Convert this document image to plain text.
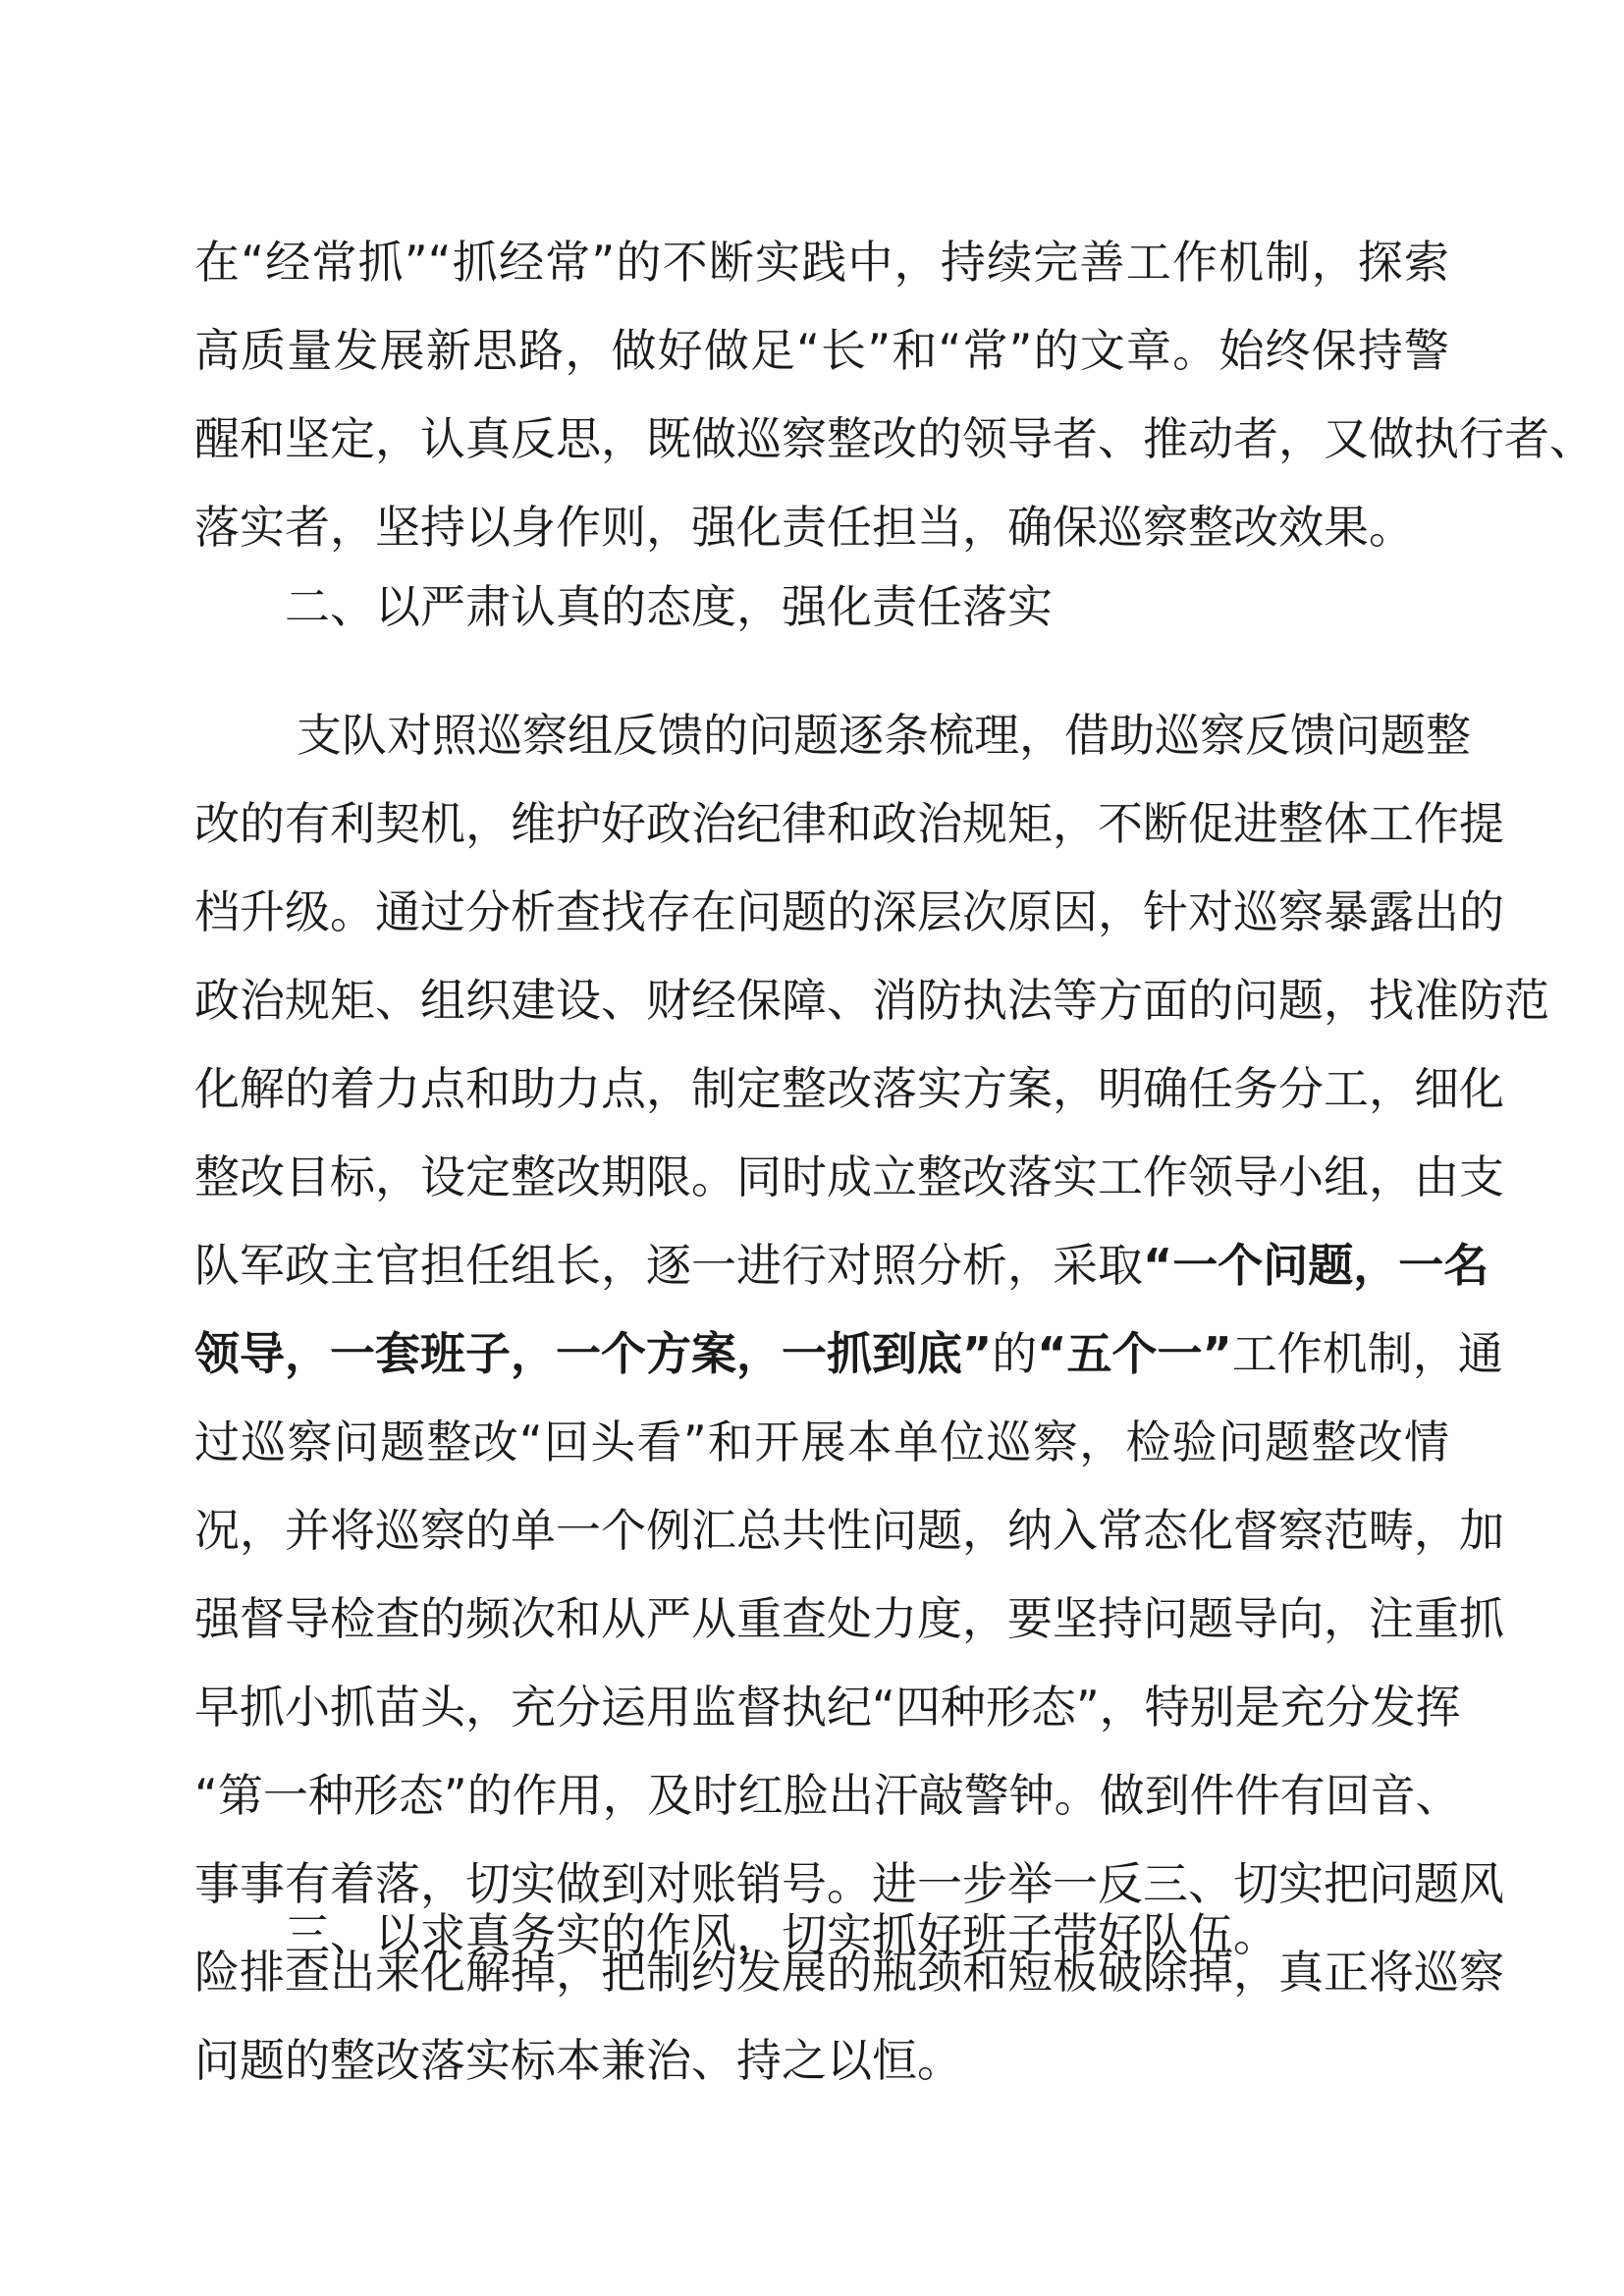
在“经常抓”“抓经常”的不断实践中，持续完善工作机制，探索
高质量发展新思路，做好做足“长”和“常”的文章。始终保持警
醒和坚定，认真反思，既做巡察整改的领导者、推动者，又做执行者、
落实者，坚持以身作则，强化责任担当，确保巡察整改效果。
二、以严肃认真的态度，强化责任落实
支队对照巡察组反馈的问题逐条梳理，借助巡察反馈问题整
改的有利契机，维护好政治纪律和政治规矩，不断促进整体工作提
档升级。通过分析查找存在问题的深层次原因，针对巡察暴露出的
政治规矩、组织建设、财经保障、消防执法等方面的问题，找准防范
化解的着力点和助力点，制定整改落实方案，明确任务分工，细化
整改目标，设定整改期限。同时成立整改落实工作领导小组，由支
队军政主官担任组长，逐一进行对照分析，采取“一个问题，一名
领导，一套班子，一个方案，一抓到底”的“五个一”工作机制，通
过巡察问题整改“回头看”和开展本单位巡察，检验问题整改情
况，并将巡察的单一个例汇总共性问题，纳入常态化督察范畴，加
强督导检查的频次和从严从重查处力度，要坚持问题导向，注重抓
早抓小抓苗头，充分运用监督执纪“四种形态”，特别是充分发挥
“第一种形态”的作用，及时红脸出汗敲警钟。做到件件有回音、
事事有着落，切实做到对账销号。进一步举一反三、切实把问题风
险排查出来化解掉，把制约发展的瓶颈和短板破除掉，真正将巡察
问题的整改落实标本兼治、持之以恒。
三、以求真务实的作风，切实抓好班子带好队伍。
